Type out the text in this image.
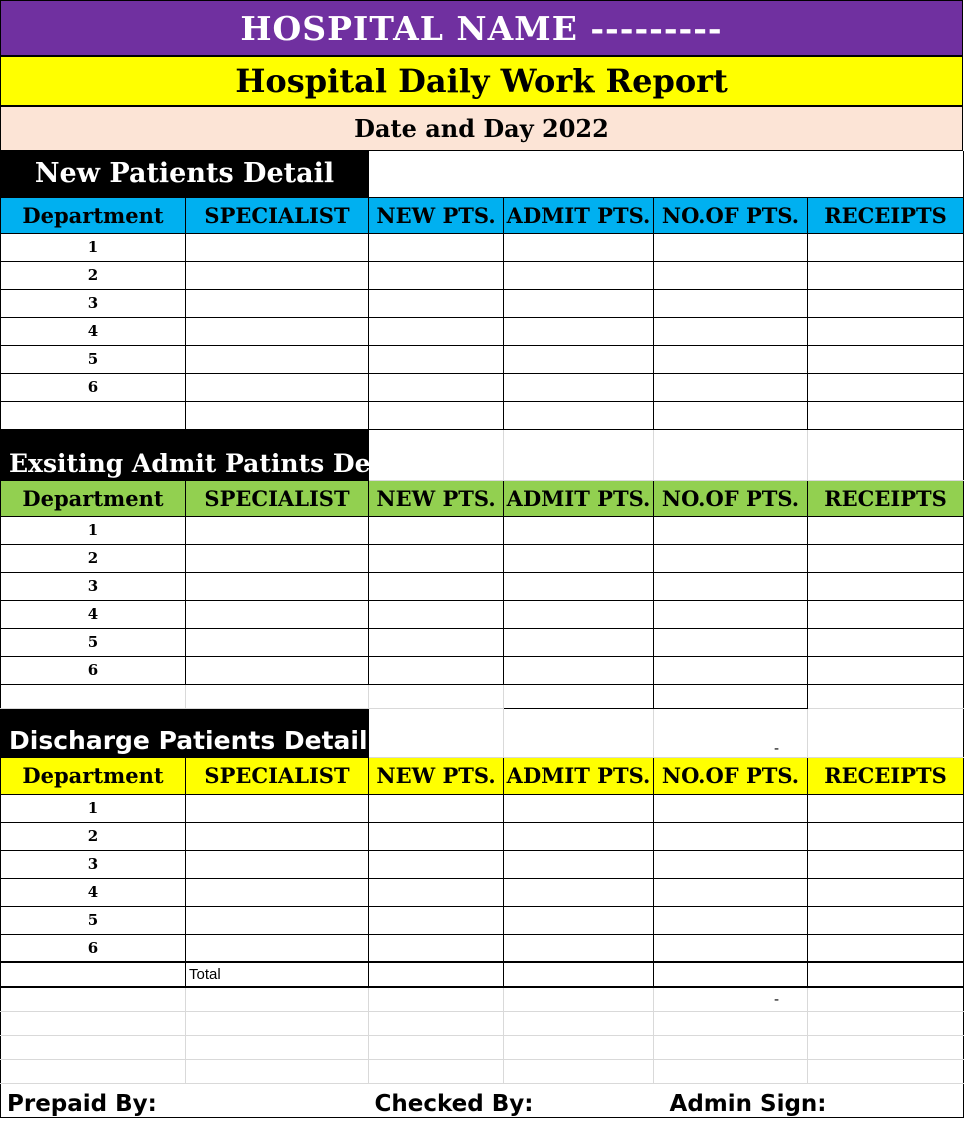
HOSPITAL NAME ---------
Hospital Daily Work Report
Date and Day 2022
New Patients Detail					
Department	SPECIALIST	NEW PTS.	ADMIT PTS.	NO.OF PTS.	RECEIPTS
1					
2					
3					
4					
5					
6					

Exsiting Admit Patints Detail					
Department	SPECIALIST	NEW PTS.	ADMIT PTS.	NO.OF PTS.	RECEIPTS
1					
2					
3					
4					
5					
6					

Discharge Patients Detail				-	
Department	SPECIALIST	NEW PTS.	ADMIT PTS.	NO.OF PTS.	RECEIPTS
1					
2					
3					
4					
5					
6					
	Total				
				-	

Prepaid By:		Checked By:		Admin Sign:	
